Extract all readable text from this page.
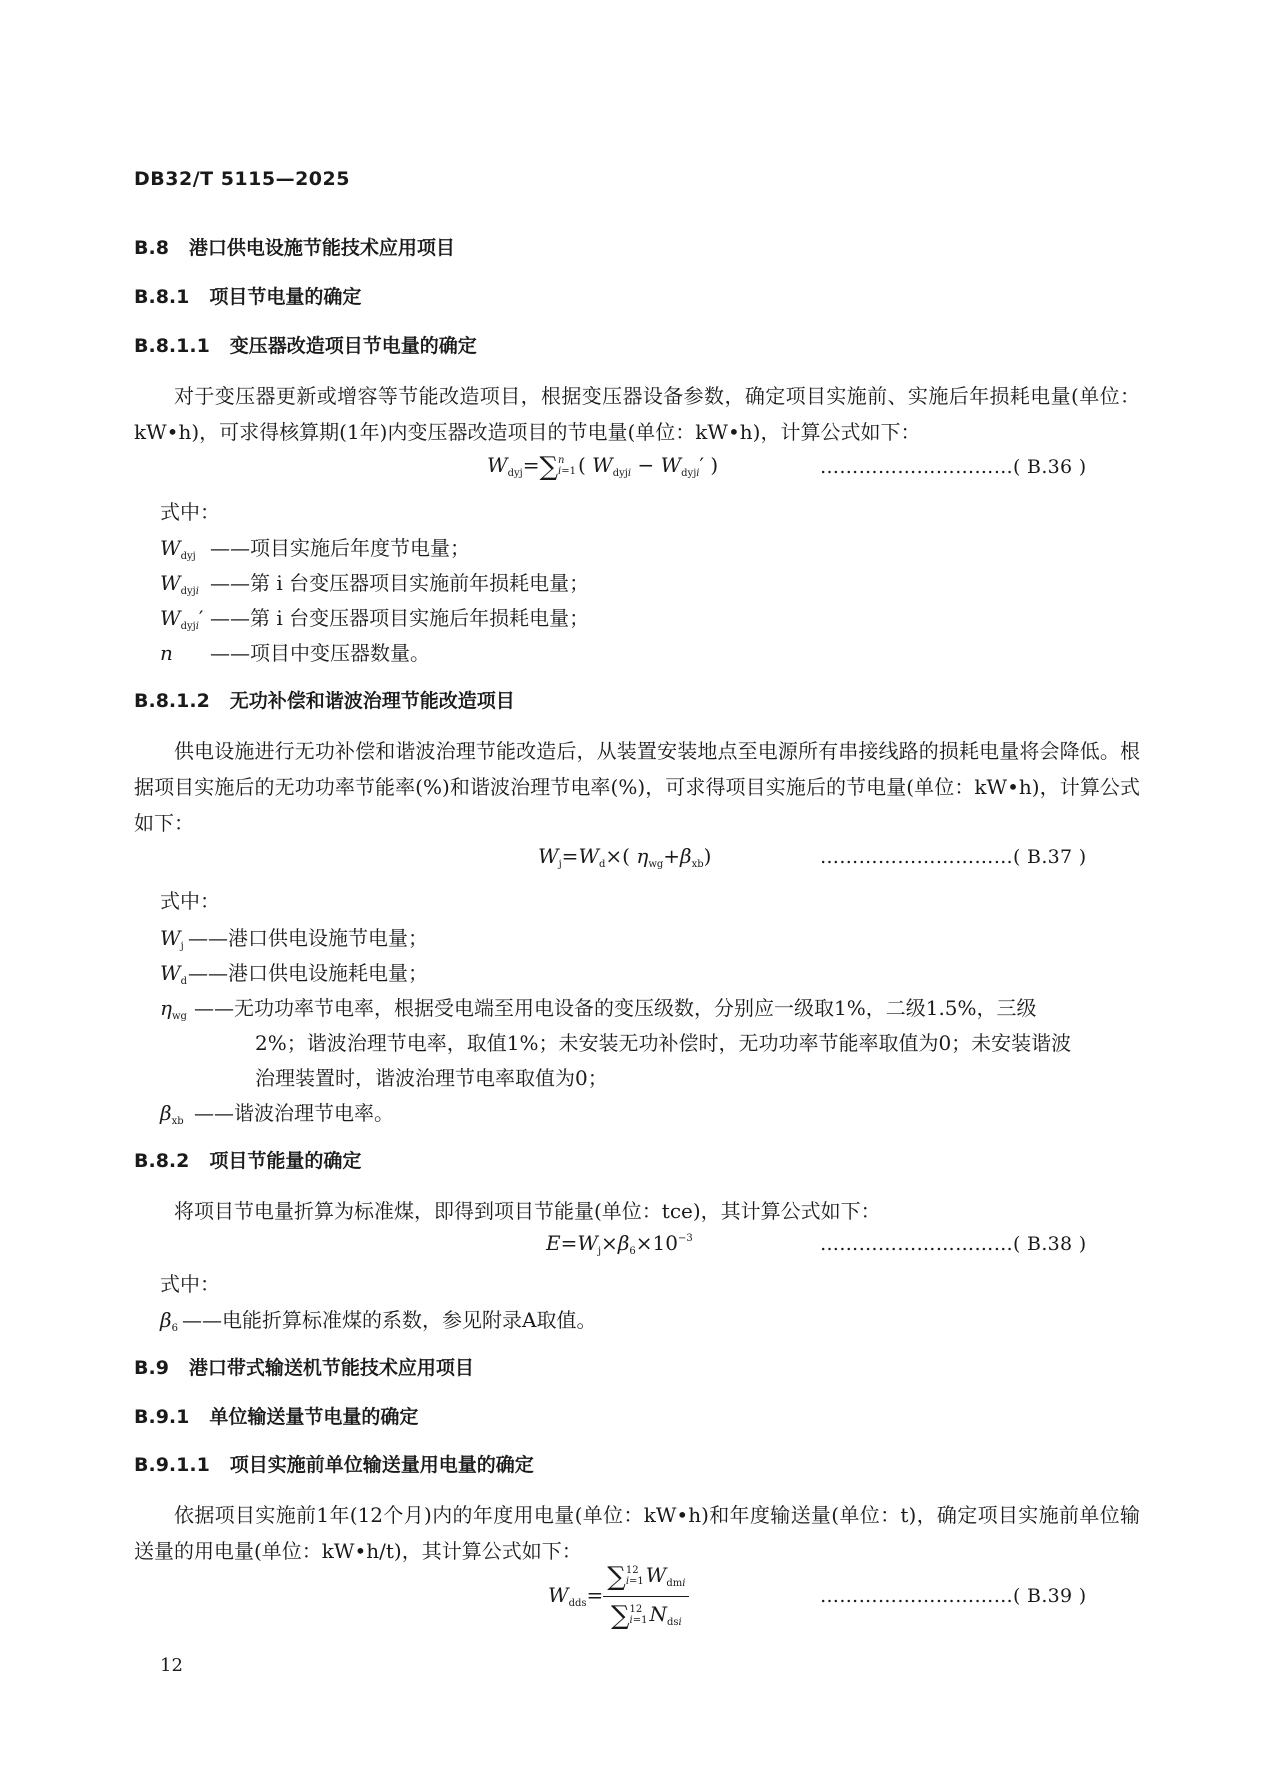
DB32/T 5115—2025
B.8 港口供电设施节能技术应用项目
B.8.1 项目节电量的确定
B.8.1.1 变压器改造项目节电量的确定
对于变压器更新或增容等节能改造项目，根据变压器设备参数，确定项目实施前、实施后年损耗电量(单位：kW•h)，可求得核算期(1年)内变压器改造项目的节电量(单位：kW•h)，计算公式如下：
$W_{dyj}=\sum n$
i=1 ( $W_{dyji} - W_{dyji}'$ )	…………………………( B.36 )
式中：
$W_{dyj}$ ——项目实施后年度节电量；
$W_{dyji}$ ——第 i 台变压器项目实施前年损耗电量；
$W_{dyji}'$ ——第 i 台变压器项目实施后年损耗电量；
n ——项目中变压器数量。
B.8.1.2 无功补偿和谐波治理节能改造项目
供电设施进行无功补偿和谐波治理节能改造后，从装置安装地点至电源所有串接线路的损耗电量将会降低。根据项目实施后的无功功率节能率(%)和谐波治理节电率(%)，可求得项目实施后的节电量(单位：kW•h)，计算公式如下：
$W_j=W_d\times$( $\eta_{wg}+\beta_{xb}$)	…………………………( B.37 )
式中：
$W_j$ ——港口供电设施节电量；
$W_d——$港口供电设施耗电量；
$\eta_{wg}$ ——无功功率节电率，根据受电端至用电设备的变压级数，分别应一级取1%，二级1.5%，三级
2%；谐波治理节电率，取值1%；未安装无功补偿时，无功功率节能率取值为0；未安装谐波
治理装置时，谐波治理节电率取值为0；
$\beta_{xb}$ ——谐波治理节电率。
B.8.2 项目节能量的确定
将项目节电量折算为标准煤，即得到项目节能量(单位：tce)，其计算公式如下：
$E=W_j\times\beta_6\times 10^{-3}$	…………………………( B.38 )
式中：
$\beta_6$ ——电能折算标准煤的系数，参见附录A取值。
B.9 港口带式输送机节能技术应用项目
B.9.1 单位输送量节电量的确定
B.9.1.1 项目实施前单位输送量用电量的确定
依据项目实施前1年(12个月)内的年度用电量(单位：kW•h)和年度输送量(单位：t)，确定项目实施前单位输送量的用电量(单位：kW•h/t)，其计算公式如下：
$W_{dds}=$
∑12
i=1 $W_{dmi}$
∑12
i=1 $N_{dsi}$
…………………………( B.39 )
12
